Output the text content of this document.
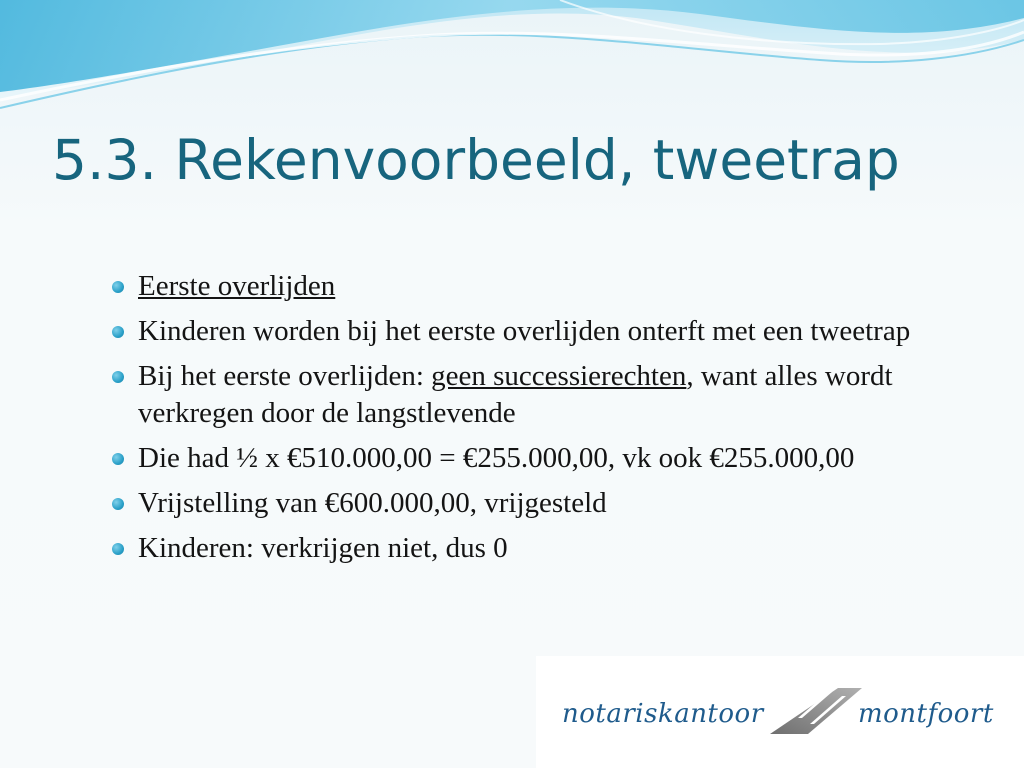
5.3. Rekenvoorbeeld, tweetrap
Eerste overlijden
Kinderen worden bij het eerste overlijden onterft met een tweetrap
Bij het eerste overlijden: geen successierechten, want alles wordt verkregen door de langstlevende
Die had ½ x €510.000,00 = €255.000,00, vk ook €255.000,00
Vrijstelling van €600.000,00, vrijgesteld
Kinderen: verkrijgen niet, dus 0
notariskantoor	montfoort
